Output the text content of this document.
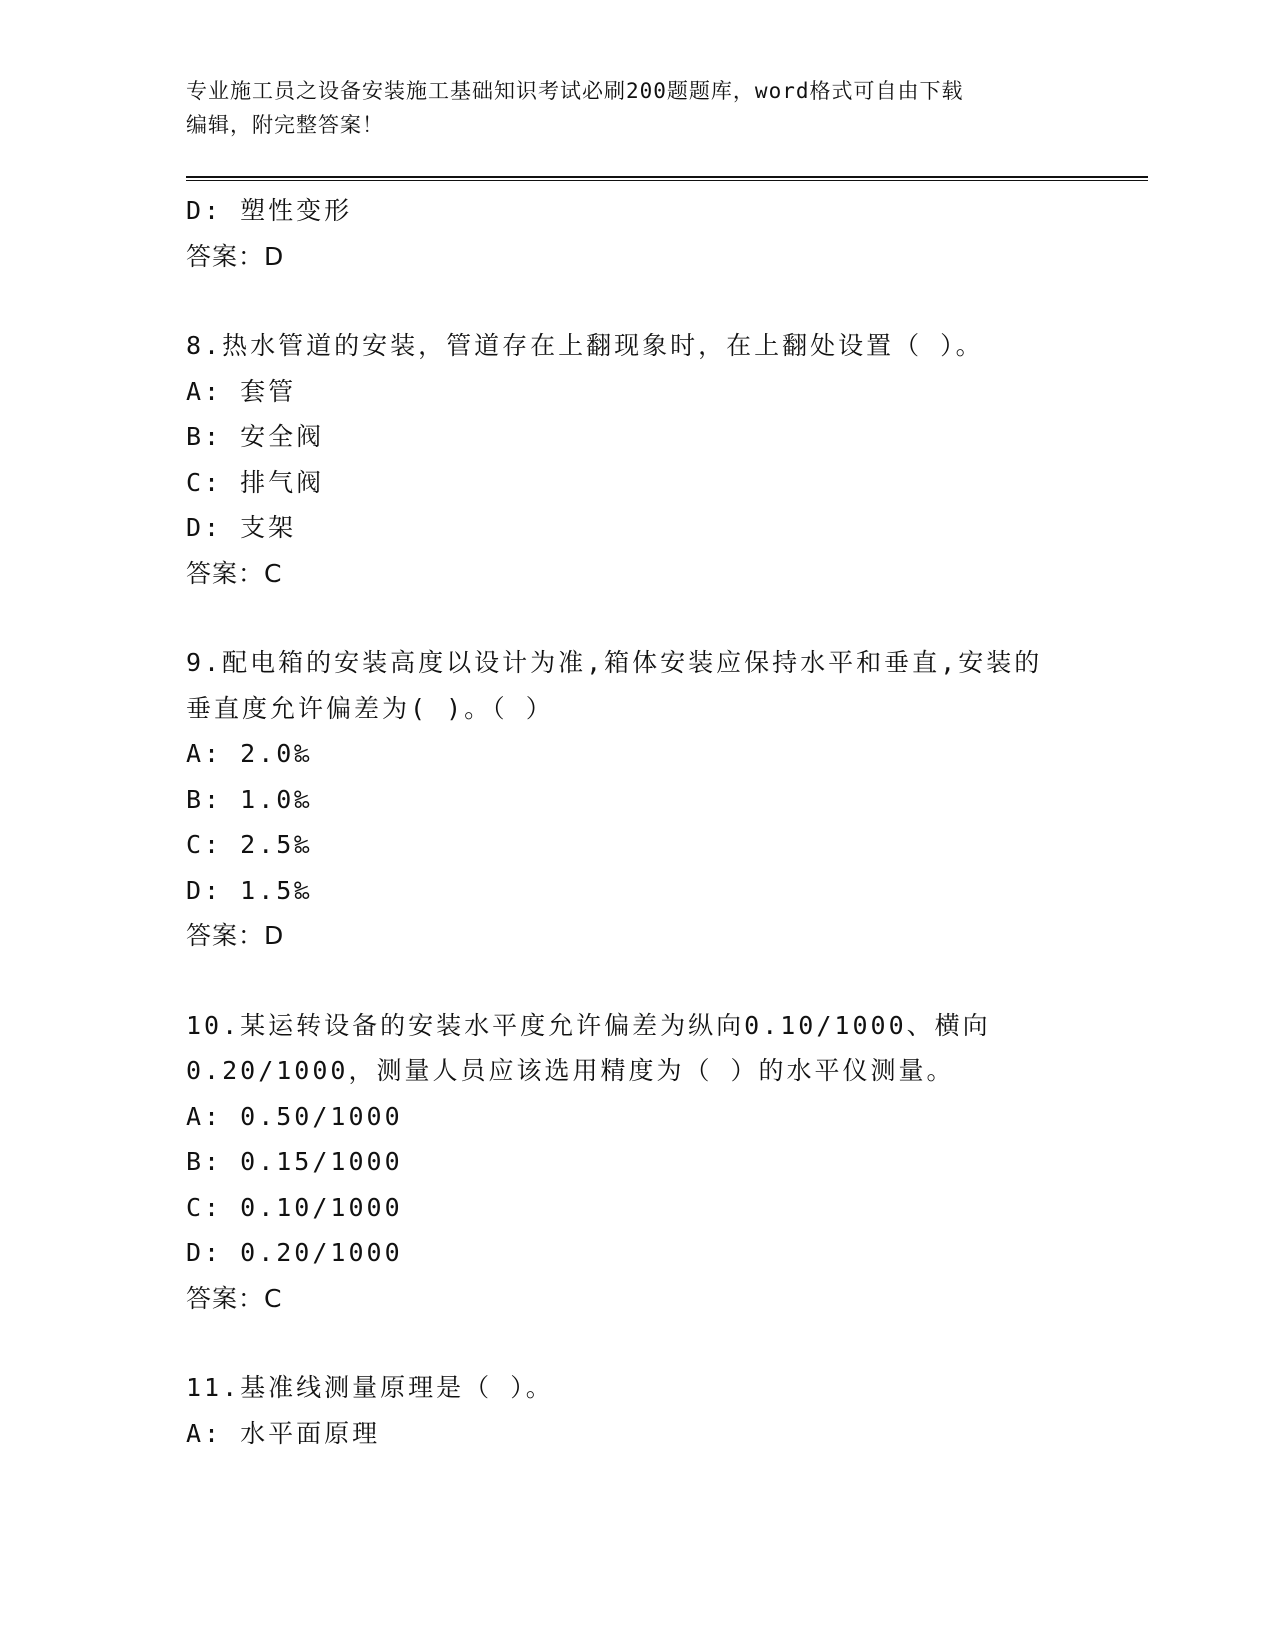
专业施工员之设备安装施工基础知识考试必刷200题题库，word格式可自由下载
编辑，附完整答案！
D: 塑性变形
答案：D
8.热水管道的安装，管道存在上翻现象时，在上翻处设置（ ）。
A: 套管
B: 安全阀
C: 排气阀
D: 支架
答案：C
9.配电箱的安装高度以设计为准,箱体安装应保持水平和垂直,安装的
垂直度允许偏差为( )。（ ）
A: 2.0‰
B: 1.0‰
C: 2.5‰
D: 1.5‰
答案：D
10.某运转设备的安装水平度允许偏差为纵向0.10/1000、横向
0.20/1000，测量人员应该选用精度为（ ）的水平仪测量。
A: 0.50/1000
B: 0.15/1000
C: 0.10/1000
D: 0.20/1000
答案：C
11.基准线测量原理是（ ）。
A: 水平面原理
